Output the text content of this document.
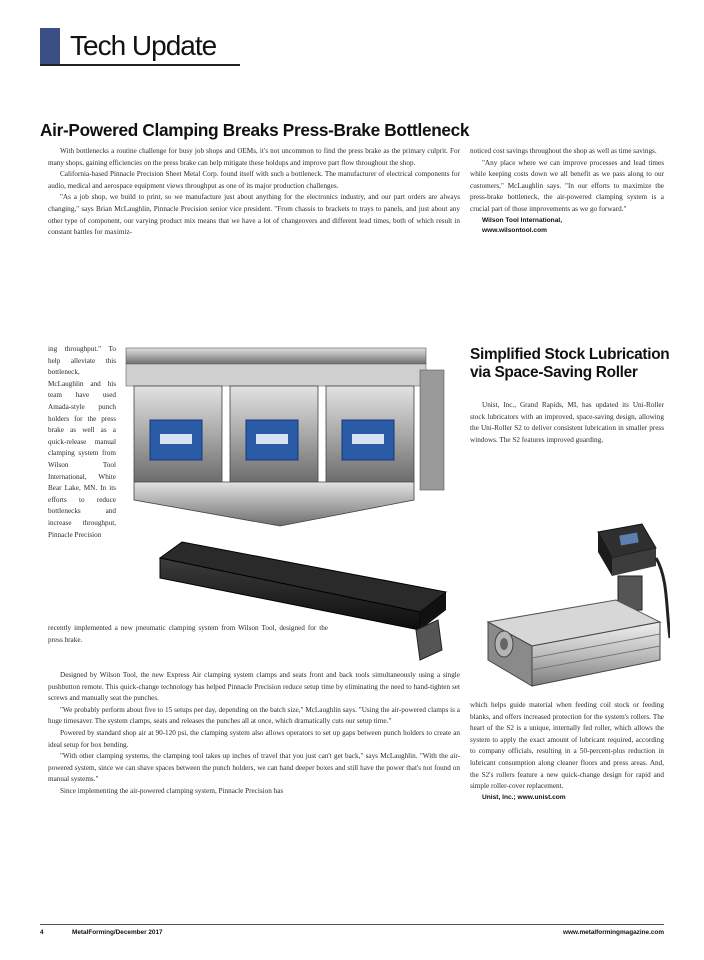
Tech Update
Air-Powered Clamping Breaks Press-Brake Bottleneck

With bottlenecks a routine challenge for busy job shops and OEMs, it's not uncommon to find the press brake as the primary culprit. For many shops, gaining efficiencies on the press brake can help mitigate these holdups and improve part flow throughout the shop.

California-based Pinnacle Precision Sheet Metal Corp. found itself with such a bottleneck. The manufacturer of electrical components for audio, medical and aerospace equipment views throughput as one of its major production challenges.

"As a job shop, we build to print, so we manufacture just about anything for the electronics industry, and our part orders are always changing," says Brian McLaughlin, Pinnacle Precision senior vice president. "From chassis to brackets to trays to panels, and just about any other type of component, our varying product mix means that we have a lot of changeovers and different lead times, both of which result in constant battles for maximiz-

ing throughput." To help alleviate this bottleneck, McLaughlin and his team have used Amada-style punch holders for the press brake as well as a quick-release manual clamping system from Wilson Tool International, White Bear Lake, MN. In its efforts to reduce bottlenecks and increase throughput, Pinnacle Precision

recently implemented a new pneumatic clamping system from Wilson Tool, designed for the press brake.

Designed by Wilson Tool, the new Express Air clamping system clamps and seats front and back tools simultaneously using a single pushbutton remote. This quick-change technology has helped Pinnacle Precision reduce setup time by eliminating the need to hand-tighten set screws and manually seat the punches.

"We probably perform about five to 15 setups per day, depending on the batch size," McLaughlin says. "Using the air-powered clamps is a huge timesaver. The system clamps, seats and releases the punches all at once, which dramatically cuts our setup time."

Powered by standard shop air at 90-120 psi, the clamping system also allows operators to set up gaps between punch holders to create an ideal setup for box bending.

"With other clamping systems, the clamping tool takes up inches of travel that you just can't get back," says McLaughlin. "With the air-powered system, since we can shave spaces between the punch holders, we can hand deeper boxes and still have the power that's not found on manual systems."

Since implementing the air-powered clamping system, Pinnacle Precision has

noticed cost savings throughout the shop as well as time savings.

"Any place where we can improve processes and lead times while keeping costs down we all benefit as we pass along to our customers," McLaughlin says. "In our efforts to maximize the press-brake bottleneck, the air-powered clamping system is a crucial part of those improvements as we go forward."

Wilson Tool International,

www.wilsontool.com

Simplified Stock Lubrication via Space-Saving Roller

Unist, Inc., Grand Rapids, MI, has updated its Uni-Roller stock lubricators with an improved, space-saving design, allowing the Uni-Roller S2 to deliver consistent lubrication in smaller press windows. The S2 features improved guarding,

which helps guide material when feeding coil stock or feeding blanks, and offers increased protection for the system's rollers. The heart of the S2 is a unique, internally fed roller, which allows the system to apply the exact amount of lubricant required, according to company officials, resulting in a 50-percent-plus reduction in lubricant consumption along cleaner floors and press areas. And, the S2's rollers feature a new quick-change design for rapid and simple roller-cover replacement.

Unist, Inc.; www.unist.com

4	MetalForming/December 2017	www.metalformingmagazine.com
